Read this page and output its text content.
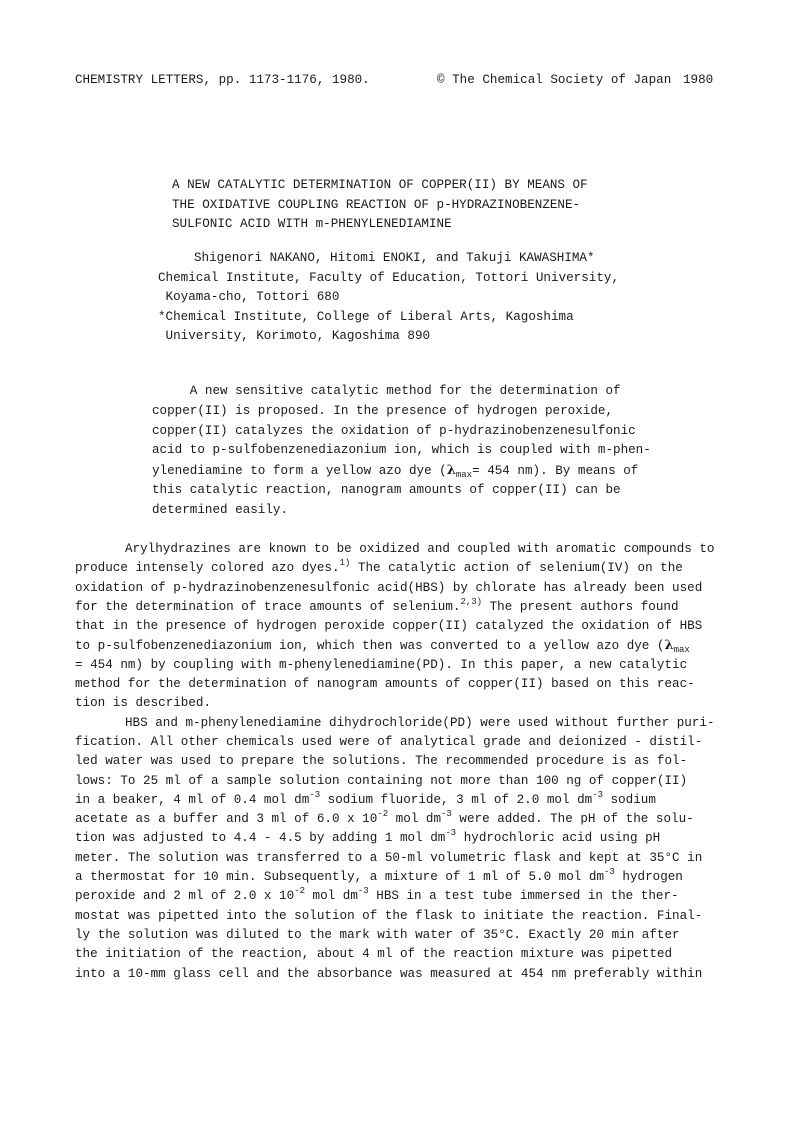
CHEMISTRY LETTERS, pp. 1173-1176, 1980.	© The Chemical Society of Japan 1980
A NEW CATALYTIC DETERMINATION OF COPPER(II) BY MEANS OF
THE OXIDATIVE COUPLING REACTION OF p-HYDRAZINOBENZENE-
SULFONIC ACID WITH m-PHENYLENEDIAMINE
Shigenori NAKANO, Hitomi ENOKI, and Takuji KAWASHIMA*
Chemical Institute, Faculty of Education, Tottori University,
Koyama-cho, Tottori 680
*Chemical Institute, College of Liberal Arts, Kagoshima
University, Korimoto, Kagoshima 890
A new sensitive catalytic method for the determination of
copper(II) is proposed. In the presence of hydrogen peroxide,
copper(II) catalyzes the oxidation of p-hydrazinobenzenesulfonic
acid to p-sulfobenzenediazonium ion, which is coupled with m-phen-
ylenediamine to form a yellow azo dye ($\lambda_{max}= 454$ nm). By means of
this catalytic reaction, nanogram amounts of copper(II) can be
determined easily.
Arylhydrazines are known to be oxidized and coupled with aromatic compounds to
produce intensely colored azo dyes.$^{1)}$ The catalytic action of selenium(IV) on the
oxidation of p-hydrazinobenzenesulfonic acid(HBS) by chlorate has already been used
for the determination of trace amounts of selenium.$^{2,3)}$ The present authors found
that in the presence of hydrogen peroxide copper(II) catalyzed the oxidation of HBS
to p-sulfobenzenediazonium ion, which then was converted to a yellow azo dye ($\lambda_{max}$
= 454 nm) by coupling with m-phenylenediamine(PD). In this paper, a new catalytic
method for the determination of nanogram amounts of copper(II) based on this reac-
tion is described.
HBS and m-phenylenediamine dihydrochloride(PD) were used without further puri-
fication. All other chemicals used were of analytical grade and deionized - distil-
led water was used to prepare the solutions. The recommended procedure is as fol-
lows: To 25 ml of a sample solution containing not more than 100 ng of copper(II)
in a beaker, 4 ml of 0.4 mol $dm^{-3}$ sodium fluoride, 3 ml of 2.0 mol $dm^{-3}$ sodium
acetate as a buffer and 3 ml of 6.0 x $10^{-2}$ mol $dm^{-3}$ were added. The pH of the solu-
tion was adjusted to 4.4 - 4.5 by adding 1 mol $dm^{-3}$ hydrochloric acid using pH
meter. The solution was transferred to a 50-ml volumetric flask and kept at 35°C in
a thermostat for 10 min. Subsequently, a mixture of 1 ml of 5.0 mol $dm^{-3}$ hydrogen
peroxide and 2 ml of 2.0 x $10^{-2}$ mol $dm^{-3}$ HBS in a test tube immersed in the ther-
mostat was pipetted into the solution of the flask to initiate the reaction. Final-
ly the solution was diluted to the mark with water of 35°C. Exactly 20 min after
the initiation of the reaction, about 4 ml of the reaction mixture was pipetted
into a 10-mm glass cell and the absorbance was measured at 454 nm preferably within
